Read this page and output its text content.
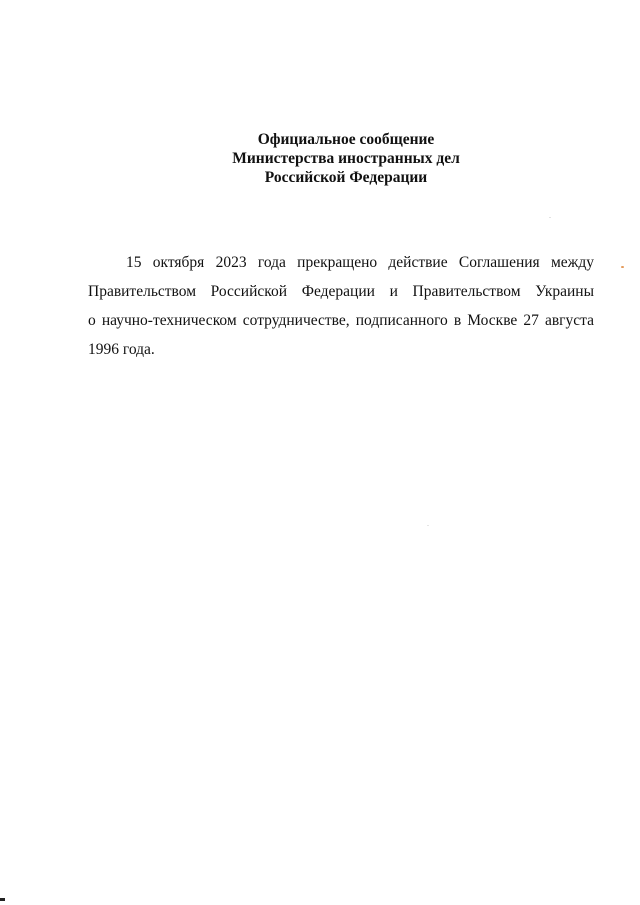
Официальное сообщение
Министерства иностранных дел
Российской Федерации
15 октября 2023 года прекращено действие Соглашения между
Правительством Российской Федерации и Правительством Украины
о научно-техническом сотрудничестве, подписанного в Москве 27 августа
1996 года.
